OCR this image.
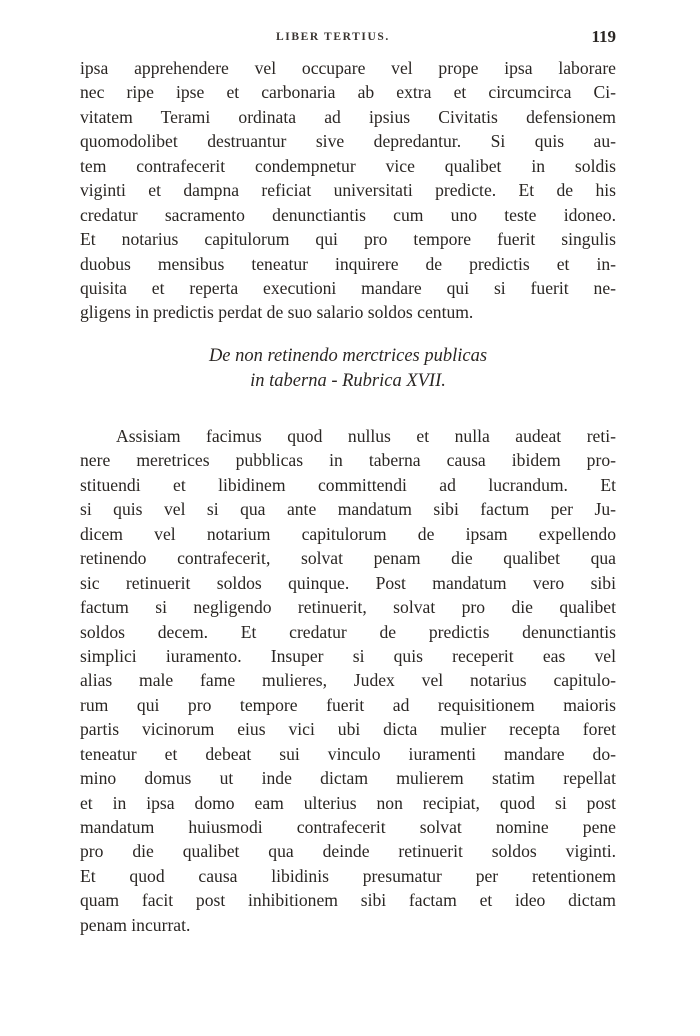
LIBER TERTIUS.	119
ipsa apprehendere vel occupare vel prope ipsa laborare
nec ripe ipse et carbonaria ab extra et circumcirca Ci-
vitatem Terami ordinata ad ipsius Civitatis defensionem
quomodolibet destruantur sive depredantur. Si quis au-
tem contrafecerit condempnetur vice qualibet in soldis
viginti et dampna reficiat universitati predicte. Et de his
credatur sacramento denunctiantis cum uno teste idoneo.
Et notarius capitulorum qui pro tempore fuerit singulis
duobus mensibus teneatur inquirere de predictis et in-
quisita et reperta executioni mandare qui si fuerit ne-
gligens in predictis perdat de suo salario soldos centum.
De non retinendo merctrices publicas
in taberna - Rubrica XVII.
Assisiam facimus quod nullus et nulla audeat reti-
nere meretrices pubblicas in taberna causa ibidem pro-
stituendi et libidinem committendi ad lucrandum. Et
si quis vel si qua ante mandatum sibi factum per Ju-
dicem vel notarium capitulorum de ipsam expellendo
retinendo contrafecerit, solvat penam die qualibet qua
sic retinuerit soldos quinque. Post mandatum vero sibi
factum si negligendo retinuerit, solvat pro die qualibet
soldos decem. Et credatur de predictis denunctiantis
simplici iuramento. Insuper si quis receperit eas vel
alias male fame mulieres, Judex vel notarius capitulo-
rum qui pro tempore fuerit ad requisitionem maioris
partis vicinorum eius vici ubi dicta mulier recepta foret
teneatur et debeat sui vinculo iuramenti mandare do-
mino domus ut inde dictam mulierem statim repellat
et in ipsa domo eam ulterius non recipiat, quod si post
mandatum huiusmodi contrafecerit solvat nomine pene
pro die qualibet qua deinde retinuerit soldos viginti.
Et quod causa libidinis presumatur per retentionem
quam facit post inhibitionem sibi factam et ideo dictam
penam incurrat.
